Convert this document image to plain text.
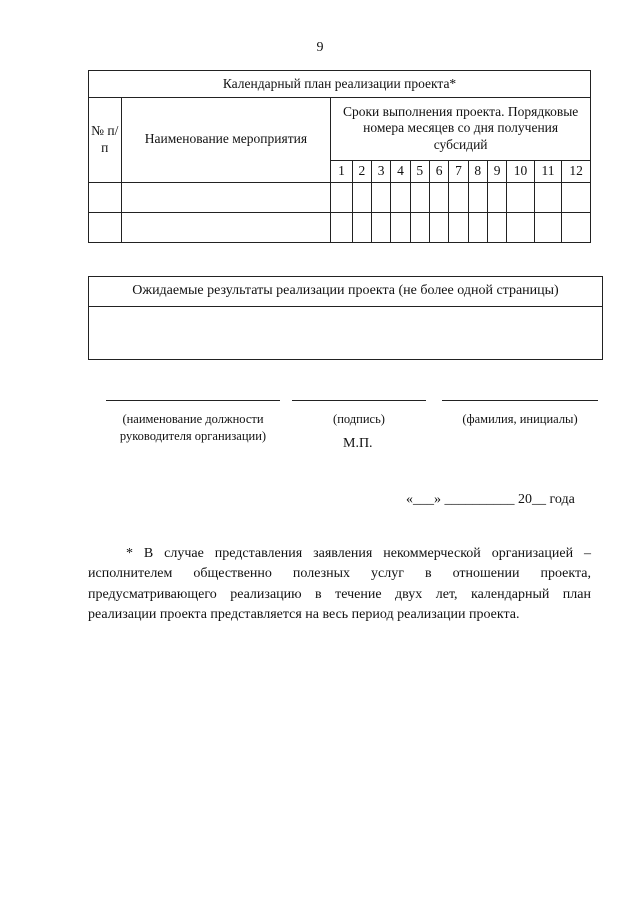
9
Календарный план реализации проекта*													
№ п/п	Наименование мероприятия	Сроки выполнения проекта. Порядковые номера месяцев со дня получения субсидий											
		1	2	3	4	5	6	7	8	9	10	11	12

Ожидаемые результаты реализации проекта (не более одной страницы)
(наименование должности руководителя организации)
(подпись)	(фамилия, инициалы)
М.П.
«___» __________ 20__ года

* В случае представления заявления некоммерческой организацией – исполнителем общественно полезных услуг в отношении проекта, предусматривающего реализацию в течение двух лет, календарный план реализации проекта представляется на весь период реализации проекта.
